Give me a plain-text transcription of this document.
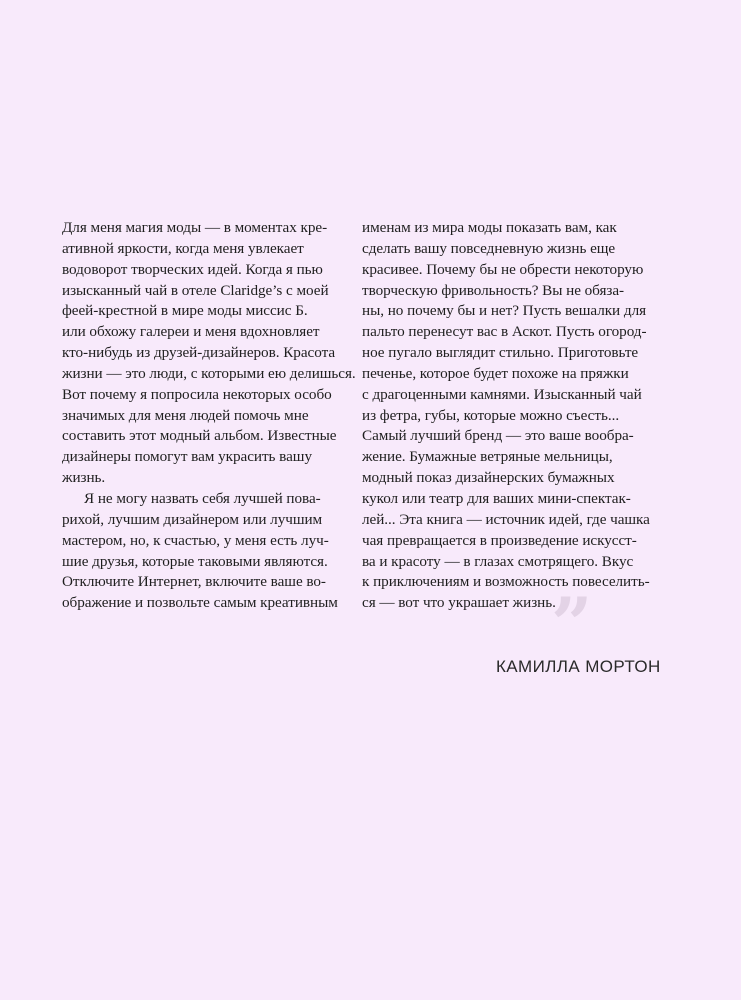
Для меня магия моды — в моментах кре-
ативной яркости, когда меня увлекает
водоворот творческих идей. Когда я пью
изысканный чай в отеле Claridge’s с моей
феей-крестной в мире моды миссис Б.
или обхожу галереи и меня вдохновляет
кто-нибудь из друзей-дизайнеров. Красота
жизни — это люди, с которыми ею делишься.
Вот почему я попросила некоторых особо
значимых для меня людей помочь мне
составить этот модный альбом. Известные
дизайнеры помогут вам украсить вашу
жизнь.
Я не могу назвать себя лучшей пова-
рихой, лучшим дизайнером или лучшим
мастером, но, к счастью, у меня есть луч-
шие друзья, которые таковыми являются.
Отключите Интернет, включите ваше во-
ображение и позвольте самым креативным
именам из мира моды показать вам, как
сделать вашу повседневную жизнь еще
красивее. Почему бы не обрести некоторую
творческую фривольность? Вы не обяза-
ны, но почему бы и нет? Пусть вешалки для
пальто перенесут вас в Аскот. Пусть огород-
ное пугало выглядит стильно. Приготовьте
печенье, которое будет похоже на пряжки
с драгоценными камнями. Изысканный чай
из фетра, губы, которые можно съесть...
Самый лучший бренд — это ваше вообра-
жение. Бумажные ветряные мельницы,
модный показ дизайнерских бумажных
кукол или театр для ваших мини-спектак-
лей... Эта книга — источник идей, где чашка
чая превращается в произведение искусст-
ва и красоту — в глазах смотрящего. Вкус
к приключениям и возможность повеселить-
ся — вот что украшает жизнь.
”
КАМИЛЛА МОРТОН
